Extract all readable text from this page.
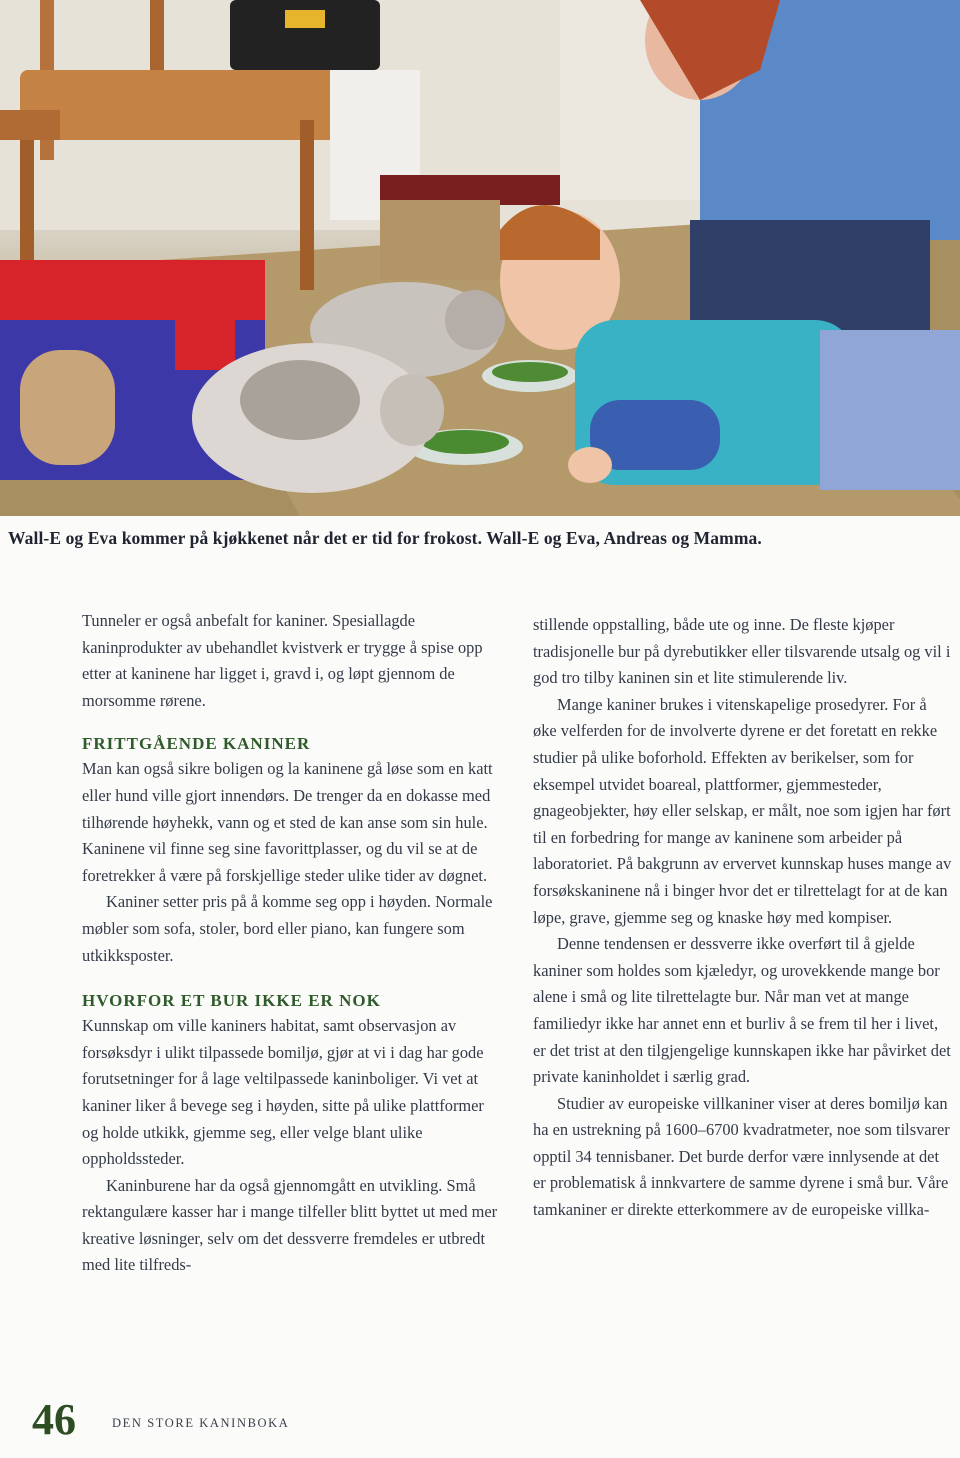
Wall-E og Eva kommer på kjøkkenet når det er tid for frokost. Wall-E og Eva, Andreas og Mamma.

Tunneler er også anbefalt for kaniner. Spesiallagde kaninprodukter av ubehandlet kvistverk er trygge å spise opp etter at kaninene har ligget i, gravd i, og løpt gjennom de morsomme rørene.

FRITTGÅENDE KANINER

Man kan også sikre boligen og la kaninene gå løse som en katt eller hund ville gjort innendørs. De trenger da en dokasse med tilhørende høyhekk, vann og et sted de kan anse som sin hule. Kaninene vil finne seg sine favorittplasser, og du vil se at de foretrekker å være på forskjellige steder ulike tider av døgnet.

Kaniner setter pris på å komme seg opp i høyden. Normale møbler som sofa, stoler, bord eller piano, kan fungere som utkikksposter.

HVORFOR ET BUR IKKE ER NOK

Kunnskap om ville kaniners habitat, samt observasjon av forsøksdyr i ulikt tilpassede bomiljø, gjør at vi i dag har gode forutsetninger for å lage veltilpassede kaninboliger. Vi vet at kaniner liker å bevege seg i høyden, sitte på ulike plattformer og holde utkikk, gjemme seg, eller velge blant ulike oppholdssteder.

Kaninburene har da også gjennomgått en utvikling. Små rektangulære kasser har i mange tilfeller blitt byttet ut med mer kreative løsninger, selv om det dessverre fremdeles er utbredt med lite tilfreds-

stillende oppstalling, både ute og inne. De fleste kjøper tradisjonelle bur på dyrebutikker eller tilsvarende utsalg og vil i god tro tilby kaninen sin et lite stimulerende liv.

Mange kaniner brukes i vitenskapelige prosedyrer. For å øke velferden for de involverte dyrene er det foretatt en rekke studier på ulike boforhold. Effekten av berikelser, som for eksempel utvidet boareal, plattformer, gjemmesteder, gnageobjekter, høy eller selskap, er målt, noe som igjen har ført til en forbedring for mange av kaninene som arbeider på laboratoriet. På bakgrunn av ervervet kunnskap huses mange av forsøkskaninene nå i binger hvor det er tilrettelagt for at de kan løpe, grave, gjemme seg og knaske høy med kompiser.

Denne tendensen er dessverre ikke overført til å gjelde kaniner som holdes som kjæledyr, og urovekkende mange bor alene i små og lite tilrettelagte bur. Når man vet at mange familiedyr ikke har annet enn et burliv å se frem til her i livet, er det trist at den tilgjengelige kunnskapen ikke har påvirket det private kaninholdet i særlig grad.

Studier av europeiske villkaniner viser at deres bomiljø kan ha en ustrekning på 1600–6700 kvadratmeter, noe som tilsvarer opptil 34 tennisbaner. Det burde derfor være innlysende at det er problematisk å innkvartere de samme dyrene i små bur. Våre tamkaniner er direkte etterkommere av de europeiske villka-

46	DEN STORE KANINBOKA
